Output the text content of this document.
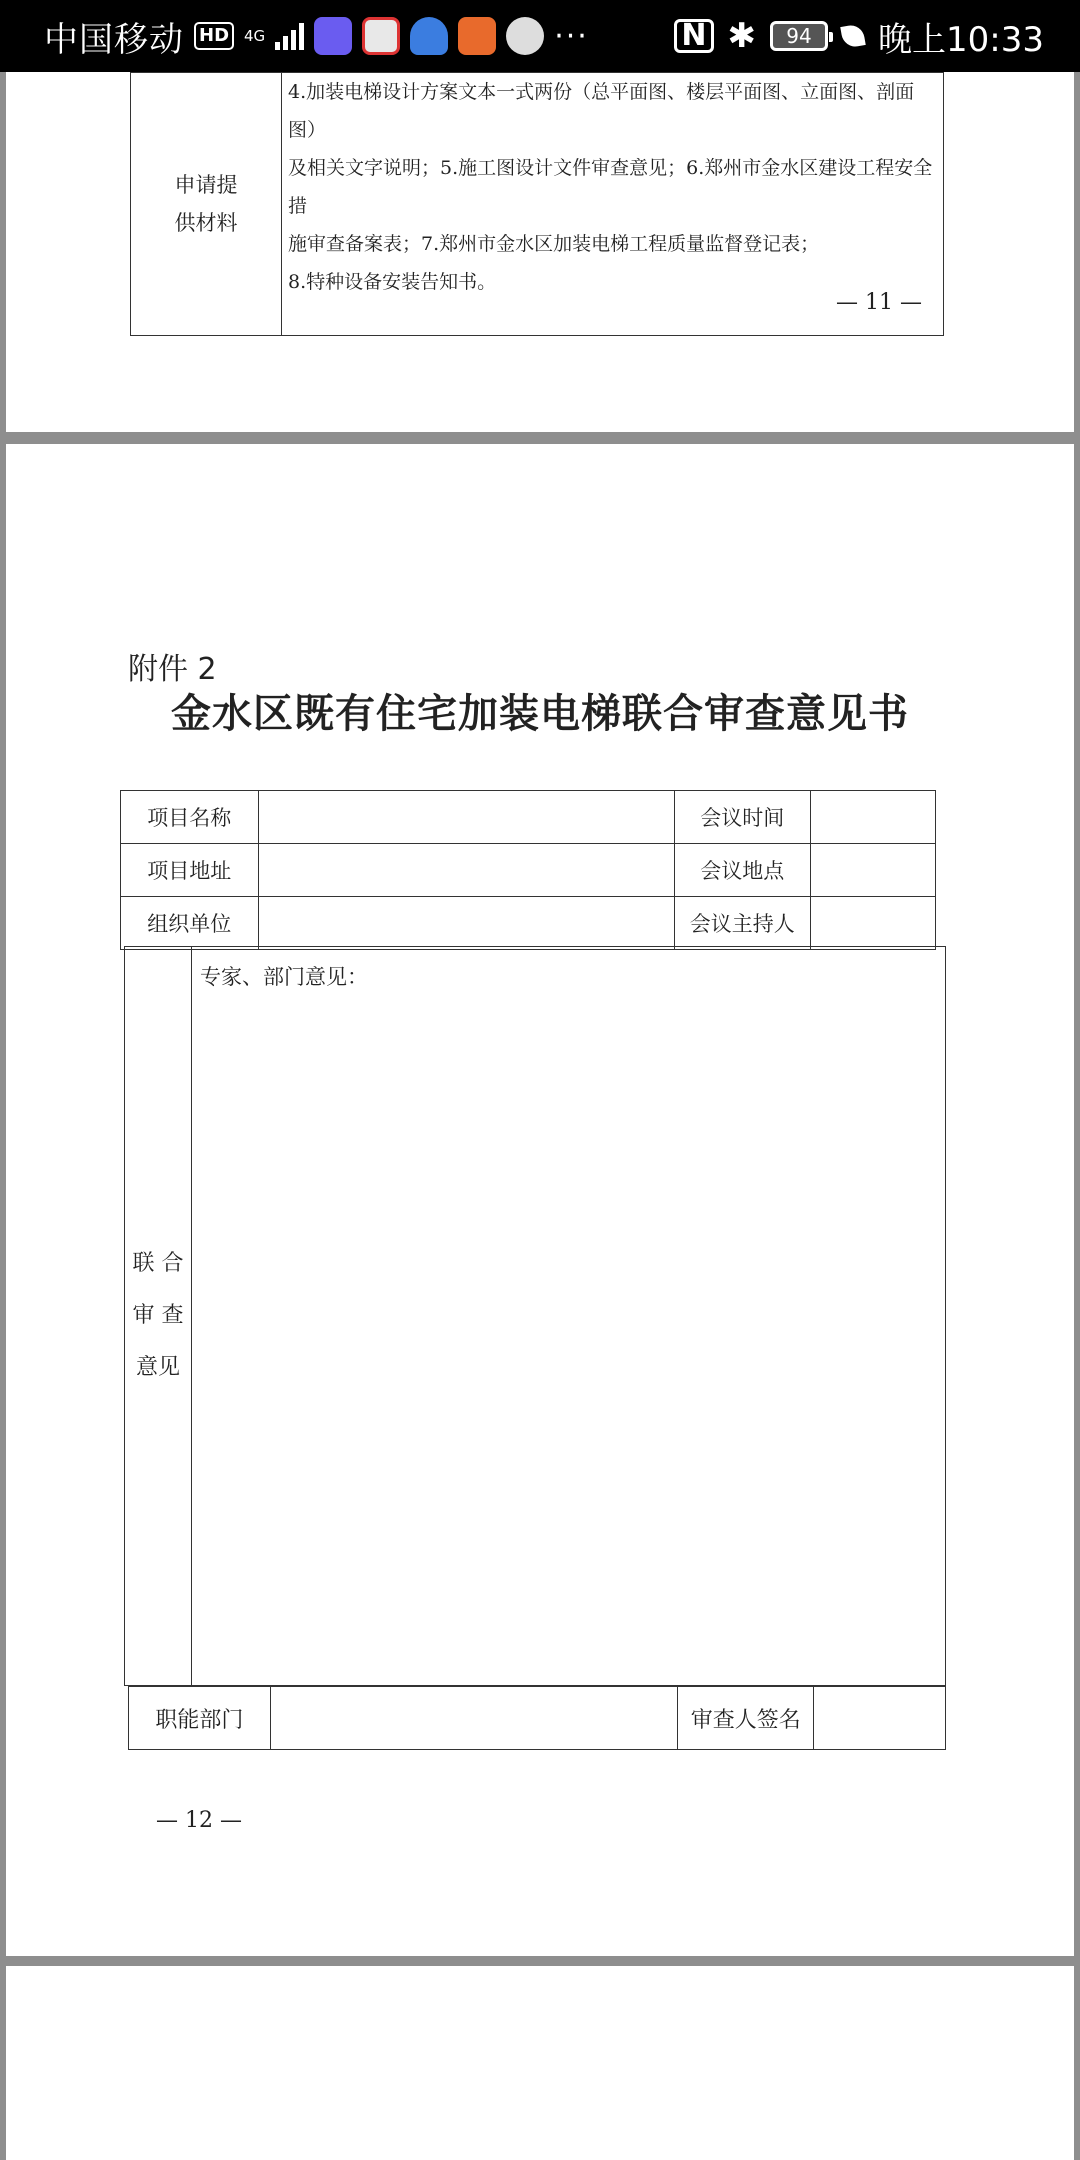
中国移动 HD	4G	···	N ✱ 94 晚上10:33
申请提供材料

4.加装电梯设计方案文本一式两份（总平面图、楼层平面图、立面图、剖面图）
及相关文字说明；5.施工图设计文件审查意见；6.郑州市金水区建设工程安全措
施审查备案表；7.郑州市金水区加装电梯工程质量监督登记表；
8.特种设备安装告知书。
— 11 —
附件 2
金水区既有住宅加装电梯联合审查意见书
项目名称		会议时间	
项目地址		会议地点	
组织单位		会议主持人	
联 合
审 查
意见

专家、部门意见：
职能部门		审查人签名	
— 12 —
